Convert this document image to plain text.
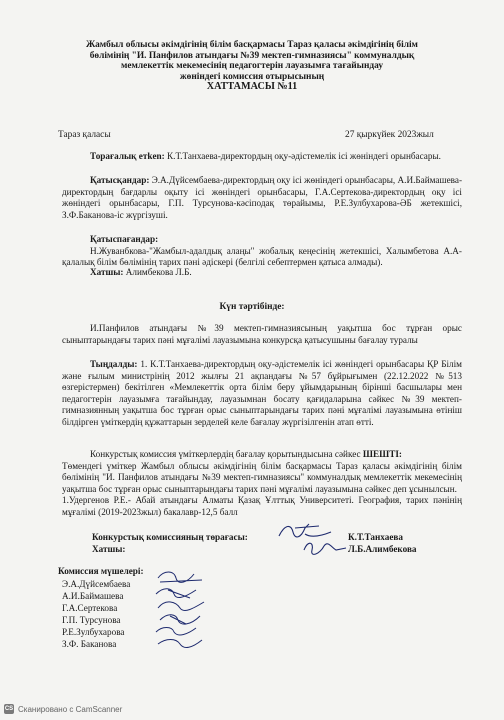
Жамбыл облысы әкімдігінің білім басқармасы Тараз қаласы әкімдігінің білім
бөлімінің "И. Панфилов атындағы №39 мектеп-гимназиясы" коммуналдық
мемлекеттік мекемесінің педагогтерін лауазымға тағайындау
жөніндегі комиссия отырысының
ХАТТАМАСЫ №11
Тараз қаласы	27 қыркүйек 2023жыл
Торағалық етken: К.Т.Танхаева-директордың оқу-әдістемелік ісі жөніндегі орынбасары.
Қатысқандар: Э.А.Дүйсембаева-директордың оқу ісі жөніндегі орынбасары, А.И.Баймашева-директордың бағдарлы оқыту ісі жөніндегі орынбасары, Г.А.Сертекова-директордың оқу ісі жөніндегі орынбасары, Г.П. Турсунова-кәсіподақ төрайымы, Р.Е.Зулбухарова-ӘБ жетекшісі, З.Ф.Баканова-іс жүргізуші.
Қатыспағандар:
Н.Жуванбкова-"Жамбыл-адалдық алаңы" жобалық кеңесінің жетекшісі, Халымбетова А.А- қалалық білім бөлімінің тарих пәні әдіскері (белгілі себептермен қатыса алмады).
Хатшы: Алимбекова Л.Б.
Күн тәртібінде:
И.Панфилов атындағы №39 мектеп-гимназиясының уақытша бос тұрған орыс сыныптарындағы тарих пәні мұғалімі лауазымына конкурсқа қатысушыны бағалау туралы
Тыңдалды: 1. К.Т.Танхаева-директордың оқу-әдістемелік ісі жөніндегі орынбасары ҚР Білім және ғылым министрінің 2012 жылғы 21 ақпандағы №57 бұйрығымен (22.12.2022 №513 өзгерістермен) бекітілген «Мемлекеттік орта білім беру ұйымдарының бірінші басшылары мен педагогтерін лауазымға тағайындау, лауазымнан босату қағидаларына сәйкес №39 мектеп-гимназиянның уақытша бос тұрған орыс сыныптарындағы тарих пәні мұғалімі лауазымына өтініш білдірген үміткердің құжаттарын зерделей келе бағалау жүргізілгенін атап өтті.
Конкурстық комиссия үміткерлердің бағалау қорытындысына сәйкес ШЕШТІ:
Төмендегі үміткер Жамбыл облысы әкімдігінің білім басқармасы Тараз қаласы әкімдігінің білім бөлімінің "И. Панфилов атындағы №39 мектеп-гимназиясы" коммуналдық мемлекеттік мекемесінің уақытша бос тұрған орыс сыныптарындағы тарих пәні мұғалімі лауазымына сәйкес деп ұсынылсын.
1.Удергенов Р.Е.- Абай атындағы Алматы Қазақ Ұлттық Университеті. География, тарих пәнінің мұғалімі (2019-2023жыл) бакалавр-12,5 балл
Конкурстық комиссияның төрағасы:	К.Т.Танхаева
Хатшы:	Л.Б.Алимбекова
Комиссия мүшелері:
Э.А.Дүйсембаева
А.И.Баймашева
Г.А.Сертекова
Г.П. Турсунова
Р.Е.Зулбухарова
З.Ф. Баканова
CS Сканировано с CamScanner
